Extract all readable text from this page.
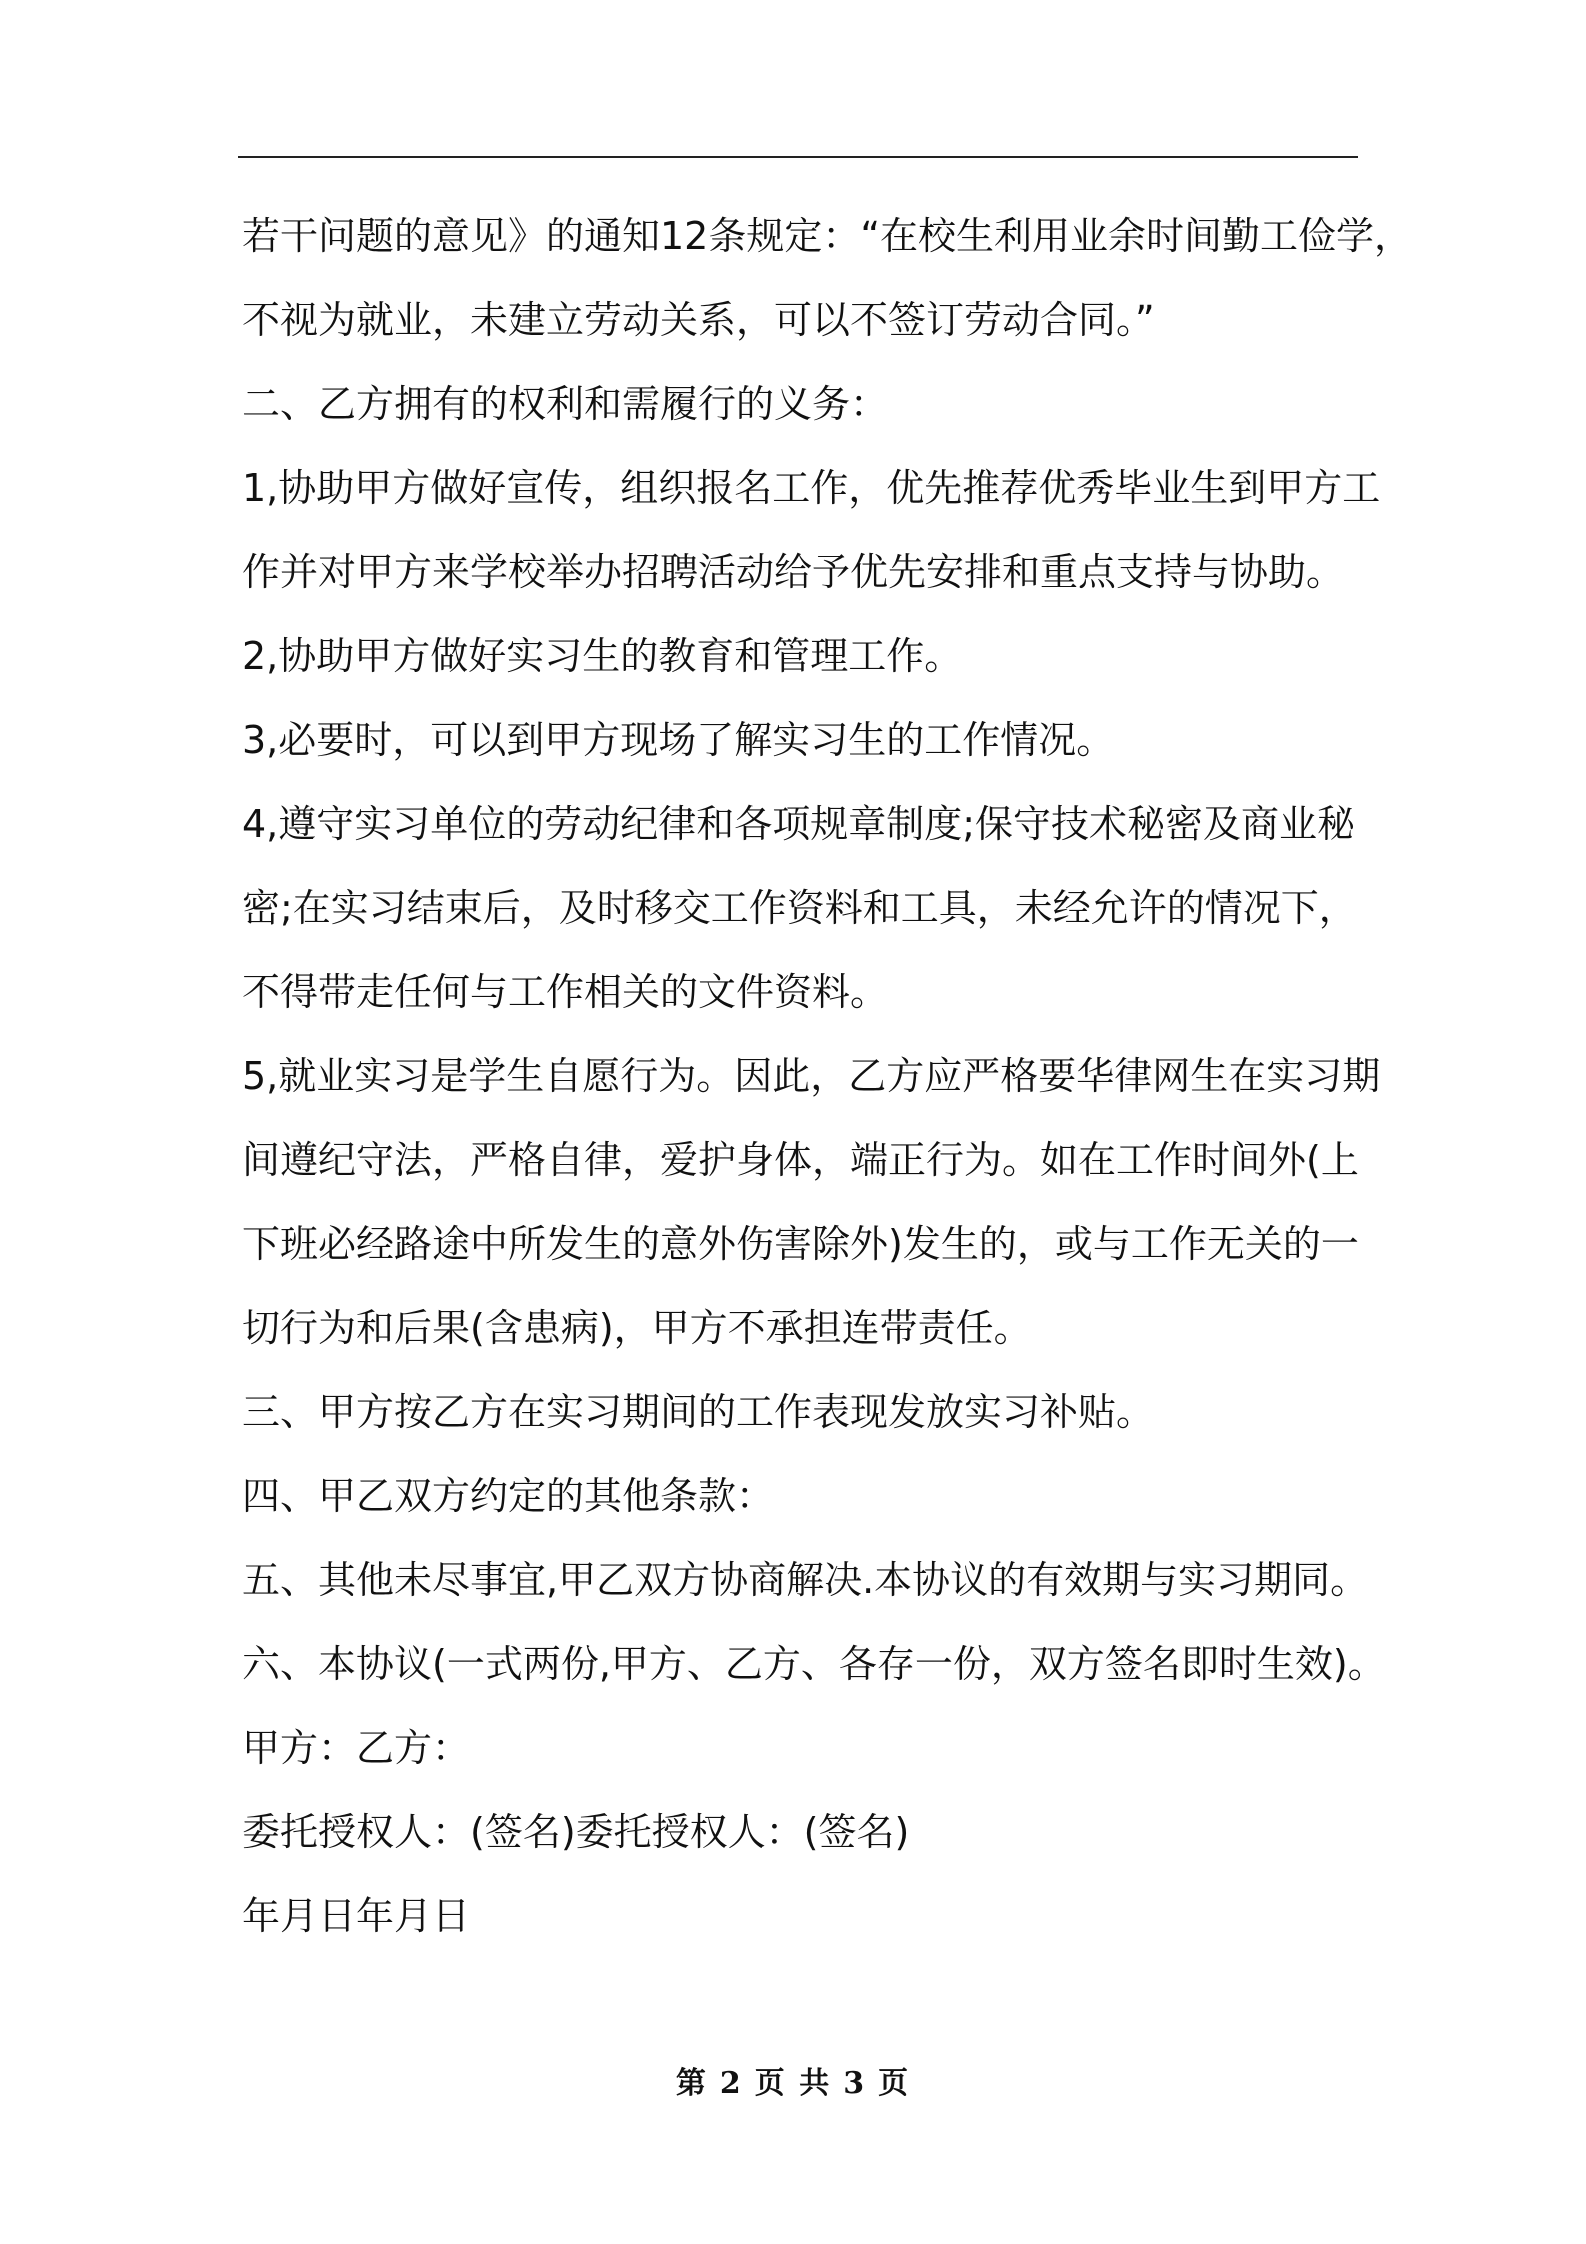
若干问题的意见》的通知12条规定：“在校生利用业余时间勤工俭学，
不视为就业，未建立劳动关系，可以不签订劳动合同。”
二、乙方拥有的权利和需履行的义务：
1,协助甲方做好宣传，组织报名工作，优先推荐优秀毕业生到甲方工
作并对甲方来学校举办招聘活动给予优先安排和重点支持与协助。
2,协助甲方做好实习生的教育和管理工作。
3,必要时，可以到甲方现场了解实习生的工作情况。
4,遵守实习单位的劳动纪律和各项规章制度;保守技术秘密及商业秘
密;在实习结束后，及时移交工作资料和工具，未经允许的情况下，
不得带走任何与工作相关的文件资料。
5,就业实习是学生自愿行为。因此，乙方应严格要华律网生在实习期
间遵纪守法，严格自律，爱护身体，端正行为。如在工作时间外(上
下班必经路途中所发生的意外伤害除外)发生的，或与工作无关的一
切行为和后果(含患病)，甲方不承担连带责任。
三、甲方按乙方在实习期间的工作表现发放实习补贴。
四、甲乙双方约定的其他条款：
五、其他未尽事宜,甲乙双方协商解决.本协议的有效期与实习期同。
六、本协议(一式两份,甲方、乙方、各存一份，双方签名即时生效)。
甲方：乙方：
委托授权人：(签名)委托授权人：(签名)
年月日年月日
第 2 页 共 3 页
